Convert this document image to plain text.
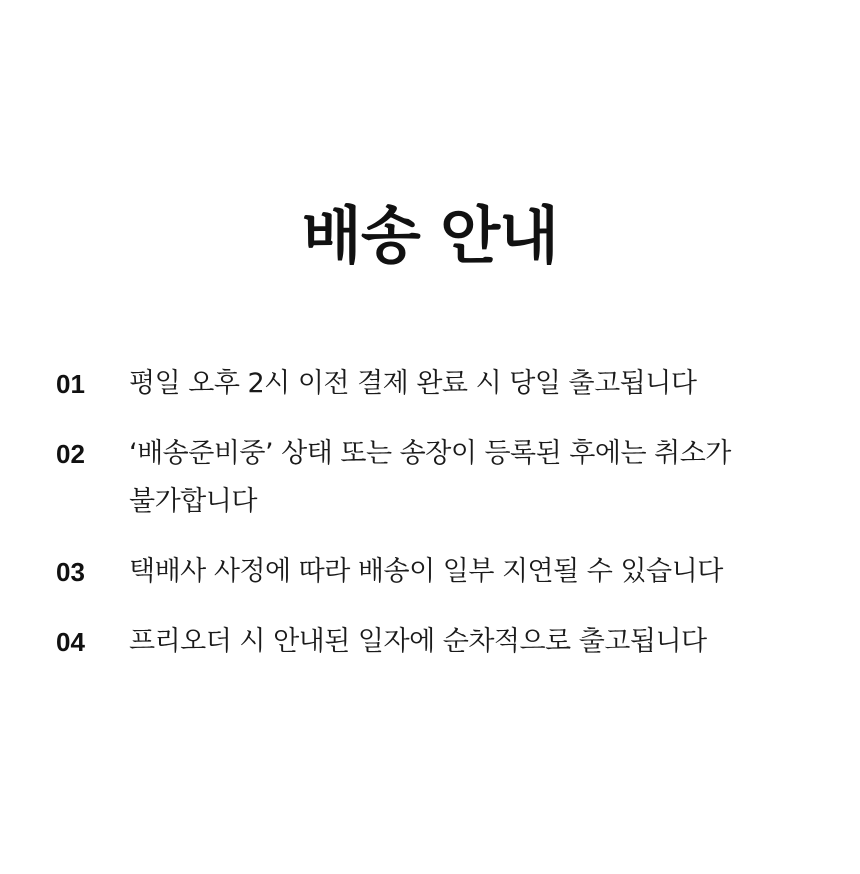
배송 안내
01	평일 오후 2시 이전 결제 완료 시 당일 출고됩니다
02	‘배송준비중’ 상태 또는 송장이 등록된 후에는 취소가 불가합니다
03	택배사 사정에 따라 배송이 일부 지연될 수 있습니다
04	프리오더 시 안내된 일자에 순차적으로 출고됩니다
